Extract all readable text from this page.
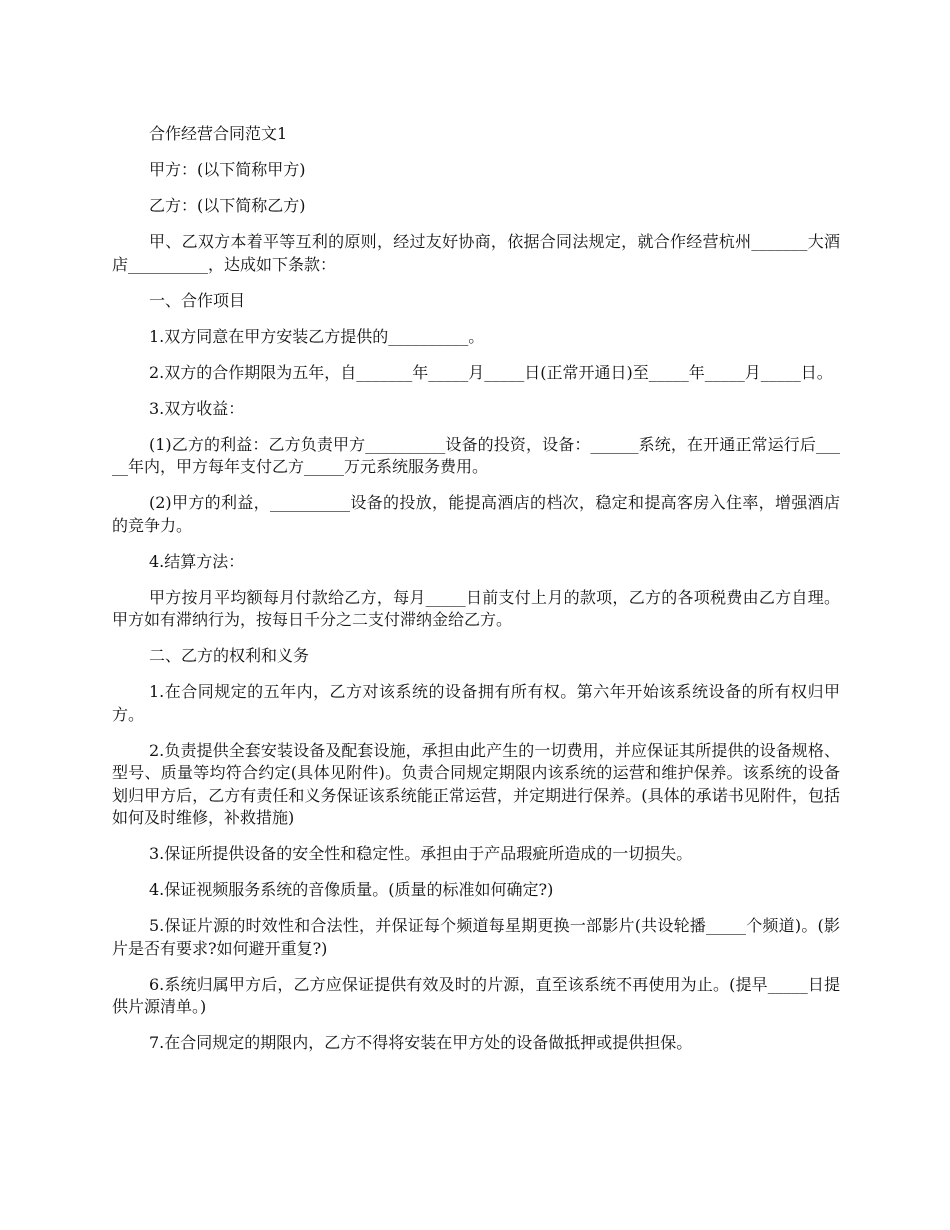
合作经营合同范文1

甲方：(以下简称甲方)

乙方：(以下简称乙方)

甲、乙双方本着平等互利的原则，经过友好协商，依据合同法规定，就合作经营杭州_______大酒店__________，达成如下条款：

一、合作项目

1.双方同意在甲方安装乙方提供的__________。

2.双方的合作期限为五年，自_______年_____月_____日(正常开通日)至_____年_____月_____日。

3.双方收益：

(1)乙方的利益：乙方负责甲方__________设备的投资，设备：______系统，在开通正常运行后_____年内，甲方每年支付乙方_____万元系统服务费用。

(2)甲方的利益，__________设备的投放，能提高酒店的档次，稳定和提高客房入住率，增强酒店的竞争力。

4.结算方法：

甲方按月平均额每月付款给乙方，每月_____日前支付上月的款项，乙方的各项税费由乙方自理。甲方如有滞纳行为，按每日千分之二支付滞纳金给乙方。

二、乙方的权利和义务

1.在合同规定的五年内，乙方对该系统的设备拥有所有权。第六年开始该系统设备的所有权归甲方。

2.负责提供全套安装设备及配套设施，承担由此产生的一切费用，并应保证其所提供的设备规格、型号、质量等均符合约定(具体见附件)。负责合同规定期限内该系统的运营和维护保养。该系统的设备划归甲方后，乙方有责任和义务保证该系统能正常运营，并定期进行保养。(具体的承诺书见附件，包括如何及时维修，补救措施)

3.保证所提供设备的安全性和稳定性。承担由于产品瑕疵所造成的一切损失。

4.保证视频服务系统的音像质量。(质量的标准如何确定?)

5.保证片源的时效性和合法性，并保证每个频道每星期更换一部影片(共设轮播_____个频道)。(影片是否有要求?如何避开重复?)

6.系统归属甲方后，乙方应保证提供有效及时的片源，直至该系统不再使用为止。(提早_____日提供片源清单。)

7.在合同规定的期限内，乙方不得将安装在甲方处的设备做抵押或提供担保。
